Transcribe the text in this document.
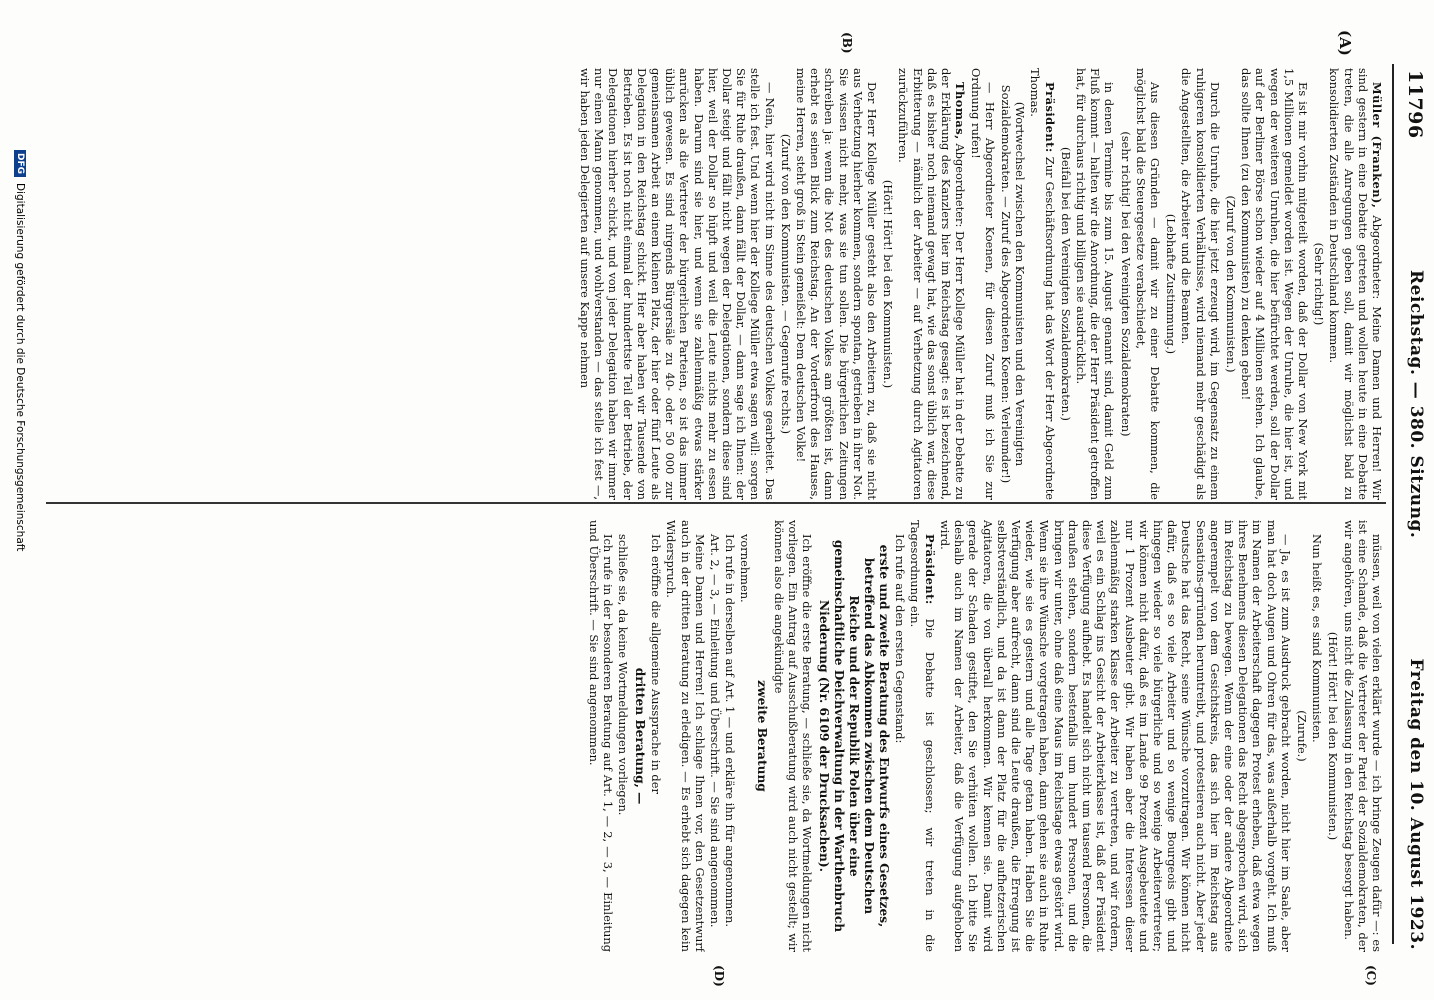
11796
Reichstag. — 380. Sitzung.
Freitag den 10. August 1923.
(A)
(B)
(C)
(D)

Müller (Franken), Abgeordneter: Meine Damen und Herren! Wir sind gestern in eine Debatte getreten und wollen heute in eine Debatte treten, die alle Anregungen geben soll, damit wir möglichst bald zu konsolidierten Zuständen in Deutschland kommen.

(Sehr richtig!)

Es ist mir vorhin mitgeteilt worden, daß der Dollar von New York mit 1,5 Millionen gemeldet worden ist. Wegen der Unruhe, die hier ist, und wegen der weiteren Unruhen, die hier befürchtet werden, soll der Dollar auf der Berliner Börse schon wieder auf 4 Millionen stehen. Ich glaube, das sollte Ihnen (zu den Kommunisten) zu denken geben!

(Zuruf von den Kommunisten.)

Durch die Unruhe, die hier jetzt erzeugt wird, im Gegensatz zu einem ruhigeren konsolidierten Verhältnisse, wird niemand mehr geschädigt als die Angestellten, die Arbeiter und die Beamten.

(Lebhafte Zustimmung.)

Aus diesen Gründen — damit wir zu einer Debatte kommen, die möglichst bald die Steuergesetze verabschiedet,

(sehr richtig! bei den Vereinigten Sozialdemokraten)

in denen Termine bis zum 15. August genannt sind, damit Geld zum Fluß kommt — halten wir die Anordnung, die der Herr Präsident getroffen hat, für durchaus richtig und billigen sie ausdrücklich.

(Beifall bei den Vereinigten Sozialdemokraten.)

Präsident: Zur Geschäftsordnung hat das Wort der Herr Abgeordnete Thomas.

(Wortwechsel zwischen den Kommunisten und den Vereinigten Sozialdemokraten. — Zuruf des Abgeordneten Koenen: Verleumder!)

— Herr Abgeordneter Koenen, für diesen Zuruf muß ich Sie zur Ordnung rufen!

Thomas, Abgeordneter: Der Herr Kollege Müller hat in der Debatte zu der Erklärung des Kanzlers hier im Reichstag gesagt: es ist bezeichnend, daß es bisher noch niemand gewagt hat, wie das sonst üblich war, diese Erbitterung — nämlich der Arbeiter — auf Verhetzung durch Agitatoren zurückzuführen.

(Hört! Hört! bei den Kommunisten.)

Der Herr Kollege Müller gesteht also den Arbeitern zu, daß sie nicht aus Verhetzung hierher kommen, sondern spontan, getrieben in ihrer Not. Sie wissen nicht mehr, was sie tun sollen. Die bürgerlichen Zeitungen schreiben ja: wenn die Not des deutschen Volkes am größten ist, dann erhebt es seinen Blick zum Reichstag. An der Vorderfront des Hauses, meine Herren, steht groß in Stein gemeißelt: Dem deutschen Volke!

(Zuruf von den Kommunisten. — Gegenrufe rechts.)

— Nein, hier wird nicht im Sinne des deutschen Volkes gearbeitet. Das stelle ich fest. Und wenn hier der Kollege Müller etwa sagen will: sorgen Sie für Ruhe draußen, dann fällt der Dollar, — dann sage ich Ihnen: der Dollar steigt und fällt nicht wegen der Delegationen, sondern diese sind hier, weil der Dollar so hüpft und weil die Leute nichts mehr zu essen haben. Darum sind sie hier, und wenn sie zahlenmäßig etwas stärker anrücken als die Vertreter der bürgerlichen Parteien, so ist das immer üblich gewesen. Es sind nirgends Bürgersäle zu 40- oder 50 000 zur gemeinsamen Arbeit an einem kleinen Platz, der hier oder fünf Leute als Delegation in den Reichstag schickt. Hier aber haben wir Tausende von Betrieben. Es ist noch nicht einmal der hunderttste Teil der Betriebe, der Delegationen hierher schickt, und von jeder Delegation haben wir immer nur einen Mann genommen, und wohlverstanden — das stelle ich fest —, wir haben jeden Delegierten auf unsere Kappe nehmen

müssen, weil von vielen erklärt wurde — ich bringe Zeugen dafür —: es ist eine Schande, daß die Vertreter der Partei der Sozialdemokraten, der wir angehören, uns nicht die Zulassung in den Reichstag besorgt haben.

(Hört! Hört! bei den Kommunisten.)

Nun heißt es, es sind Kommunisten.

(Zurufe.)

— Ja, es ist zum Ausdruck gebracht worden, nicht hier im Saale, aber man hat doch Augen und Ohren für das, was außerhalb vorgeht. Ich muß im Namen der Arbeiterschaft dagegen Protest erheben, daß etwa wegen ihres Benehmens diesen Delegationen das Recht abgesprochen wird, sich im Reichstag zu bewegen. Wenn der eine oder der andere Abgeordnete angerempelt von dem Gesichtskreis, das sich hier im Reichstag aus Sensations-grründen herumtreibt, und protestieren auch nicht. Aber jeder Deutsche hat das Recht, seine Wünsche vorzutragen. Wir können nicht dafür, daß es so viele Arbeiter und so wenige Bourgeois gibt und hingegen wieder so viele bürgerliche und so wenige Arbeitervertreter; wir können nicht dafür, daß es im Lande 99 Prozent Ausgebeutete und nur 1 Prozent Ausbeuter gibt. Wir haben aber die Interessen dieser zahlenmäßig starken Klasse der Arbeiter zu vertreten, und wir fordern, weil es ein Schlag ins Gesicht der Arbeiterklasse ist, daß der Präsident diese Verfügung aufhebt. Es handelt sich nicht um tausend Personen, die draußen stehen, sondern bestenfalls um hundert Personen, und die bringen wir unter, ohne daß eine Maus im Reichstage etwas gestört wird. Wenn sie ihre Wünsche vorgetragen haben, dann gehen sie auch in Ruhe wieder, wie sie es gestern und alle Tage getan haben. Haben Sie die Verfügung aber aufrecht, dann sind die Leute draußen, die Erregung ist selbstverständlich, und da ist dann der Platz für die aufhetzerischen Agitatoren, die von überall herkommen. Wir kennen sie. Damit wird gerade der Schaden gestiftet, den Sie verhüten wollen. Ich bitte Sie deshalb auch im Namen der Arbeiter, daß die Verfügung aufgehoben wird.

Präsident: Die Debatte ist geschlossen; wir treten in die Tagesordnung ein.

Ich rufe auf den ersten Gegenstand:

erste und zweite Beratung des Entwurfs eines Gesetzes, betreffend das Abkommen zwischen dem Deutschen Reiche und der Republik Polen über eine gemeinschaftliche Deichverwaltung in der Warthenbruch Niederung (Nr. 6109 der Drucksachen).

Ich eröffne die erste Beratung, — schließe sie, da Wortmeldungen nicht vorliegen. Ein Antrag auf Ausschußberatung wird auch nicht gestellt; wir können also die angekündigte

zweite Beratung

vornehmen.

Ich rufe in derselben auf Art. 1 — und erkläre ihn für angenommen.

Art. 2, — 3, — Einleitung und Überschrift. — Sie sind angenommen.

Meine Damen und Herren! Ich schlage Ihnen vor, den Gesetzentwurf auch in der dritten Beratung zu erledigen. — Es erhebt sich dagegen kein Widerspruch.

Ich eröffne die allgemeine Aussprache in der

dritten Beratung, —

schließe sie, da keine Wortmeldungen vorliegen.

Ich rufe in der besonderen Beratung auf Art. 1, — 2, — 3, — Einleitung und Überschrift. — Sie sind angenommen.

DFGDigitalisierung gefördert durch die Deutsche Forschungsgemeinschaft
